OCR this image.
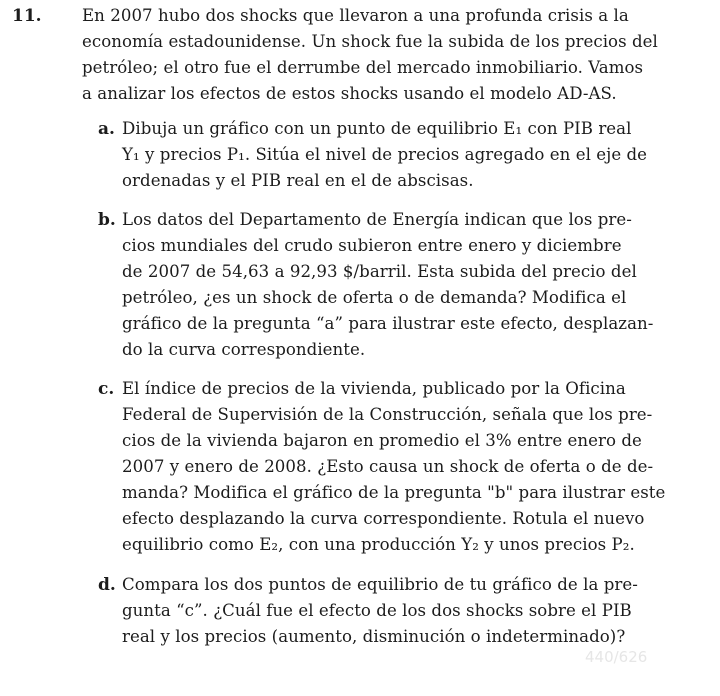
11. En 2007 hubo dos shocks que llevaron a una profunda crisis a la
economía estadounidense. Un shock fue la subida de los precios del
petróleo; el otro fue el derrumbe del mercado inmobiliario. Vamos
a analizar los efectos de estos shocks usando el modelo AD-AS.
a. Dibuja un gráfico con un punto de equilibrio E₁ con PIB real
Y₁ y precios P₁. Sitúa el nivel de precios agregado en el eje de
ordenadas y el PIB real en el de abscisas.
b. Los datos del Departamento de Energía indican que los pre-
cios mundiales del crudo subieron entre enero y diciembre
de 2007 de 54,63 a 92,93 $/barril. Esta subida del precio del
petróleo, ¿es un shock de oferta o de demanda? Modifica el
gráfico de la pregunta “a” para ilustrar este efecto, desplazan-
do la curva correspondiente.
c. El índice de precios de la vivienda, publicado por la Oficina
Federal de Supervisión de la Construcción, señala que los pre-
cios de la vivienda bajaron en promedio el 3% entre enero de
2007 y enero de 2008. ¿Esto causa un shock de oferta o de de-
manda? Modifica el gráfico de la pregunta "b" para ilustrar este
efecto desplazando la curva correspondiente. Rotula el nuevo
equilibrio como E₂, con una producción Y₂ y unos precios P₂.
d. Compara los dos puntos de equilibrio de tu gráfico de la pre-
gunta “c”. ¿Cuál fue el efecto de los dos shocks sobre el PIB
real y los precios (aumento, disminución o indeterminado)?
440/626
